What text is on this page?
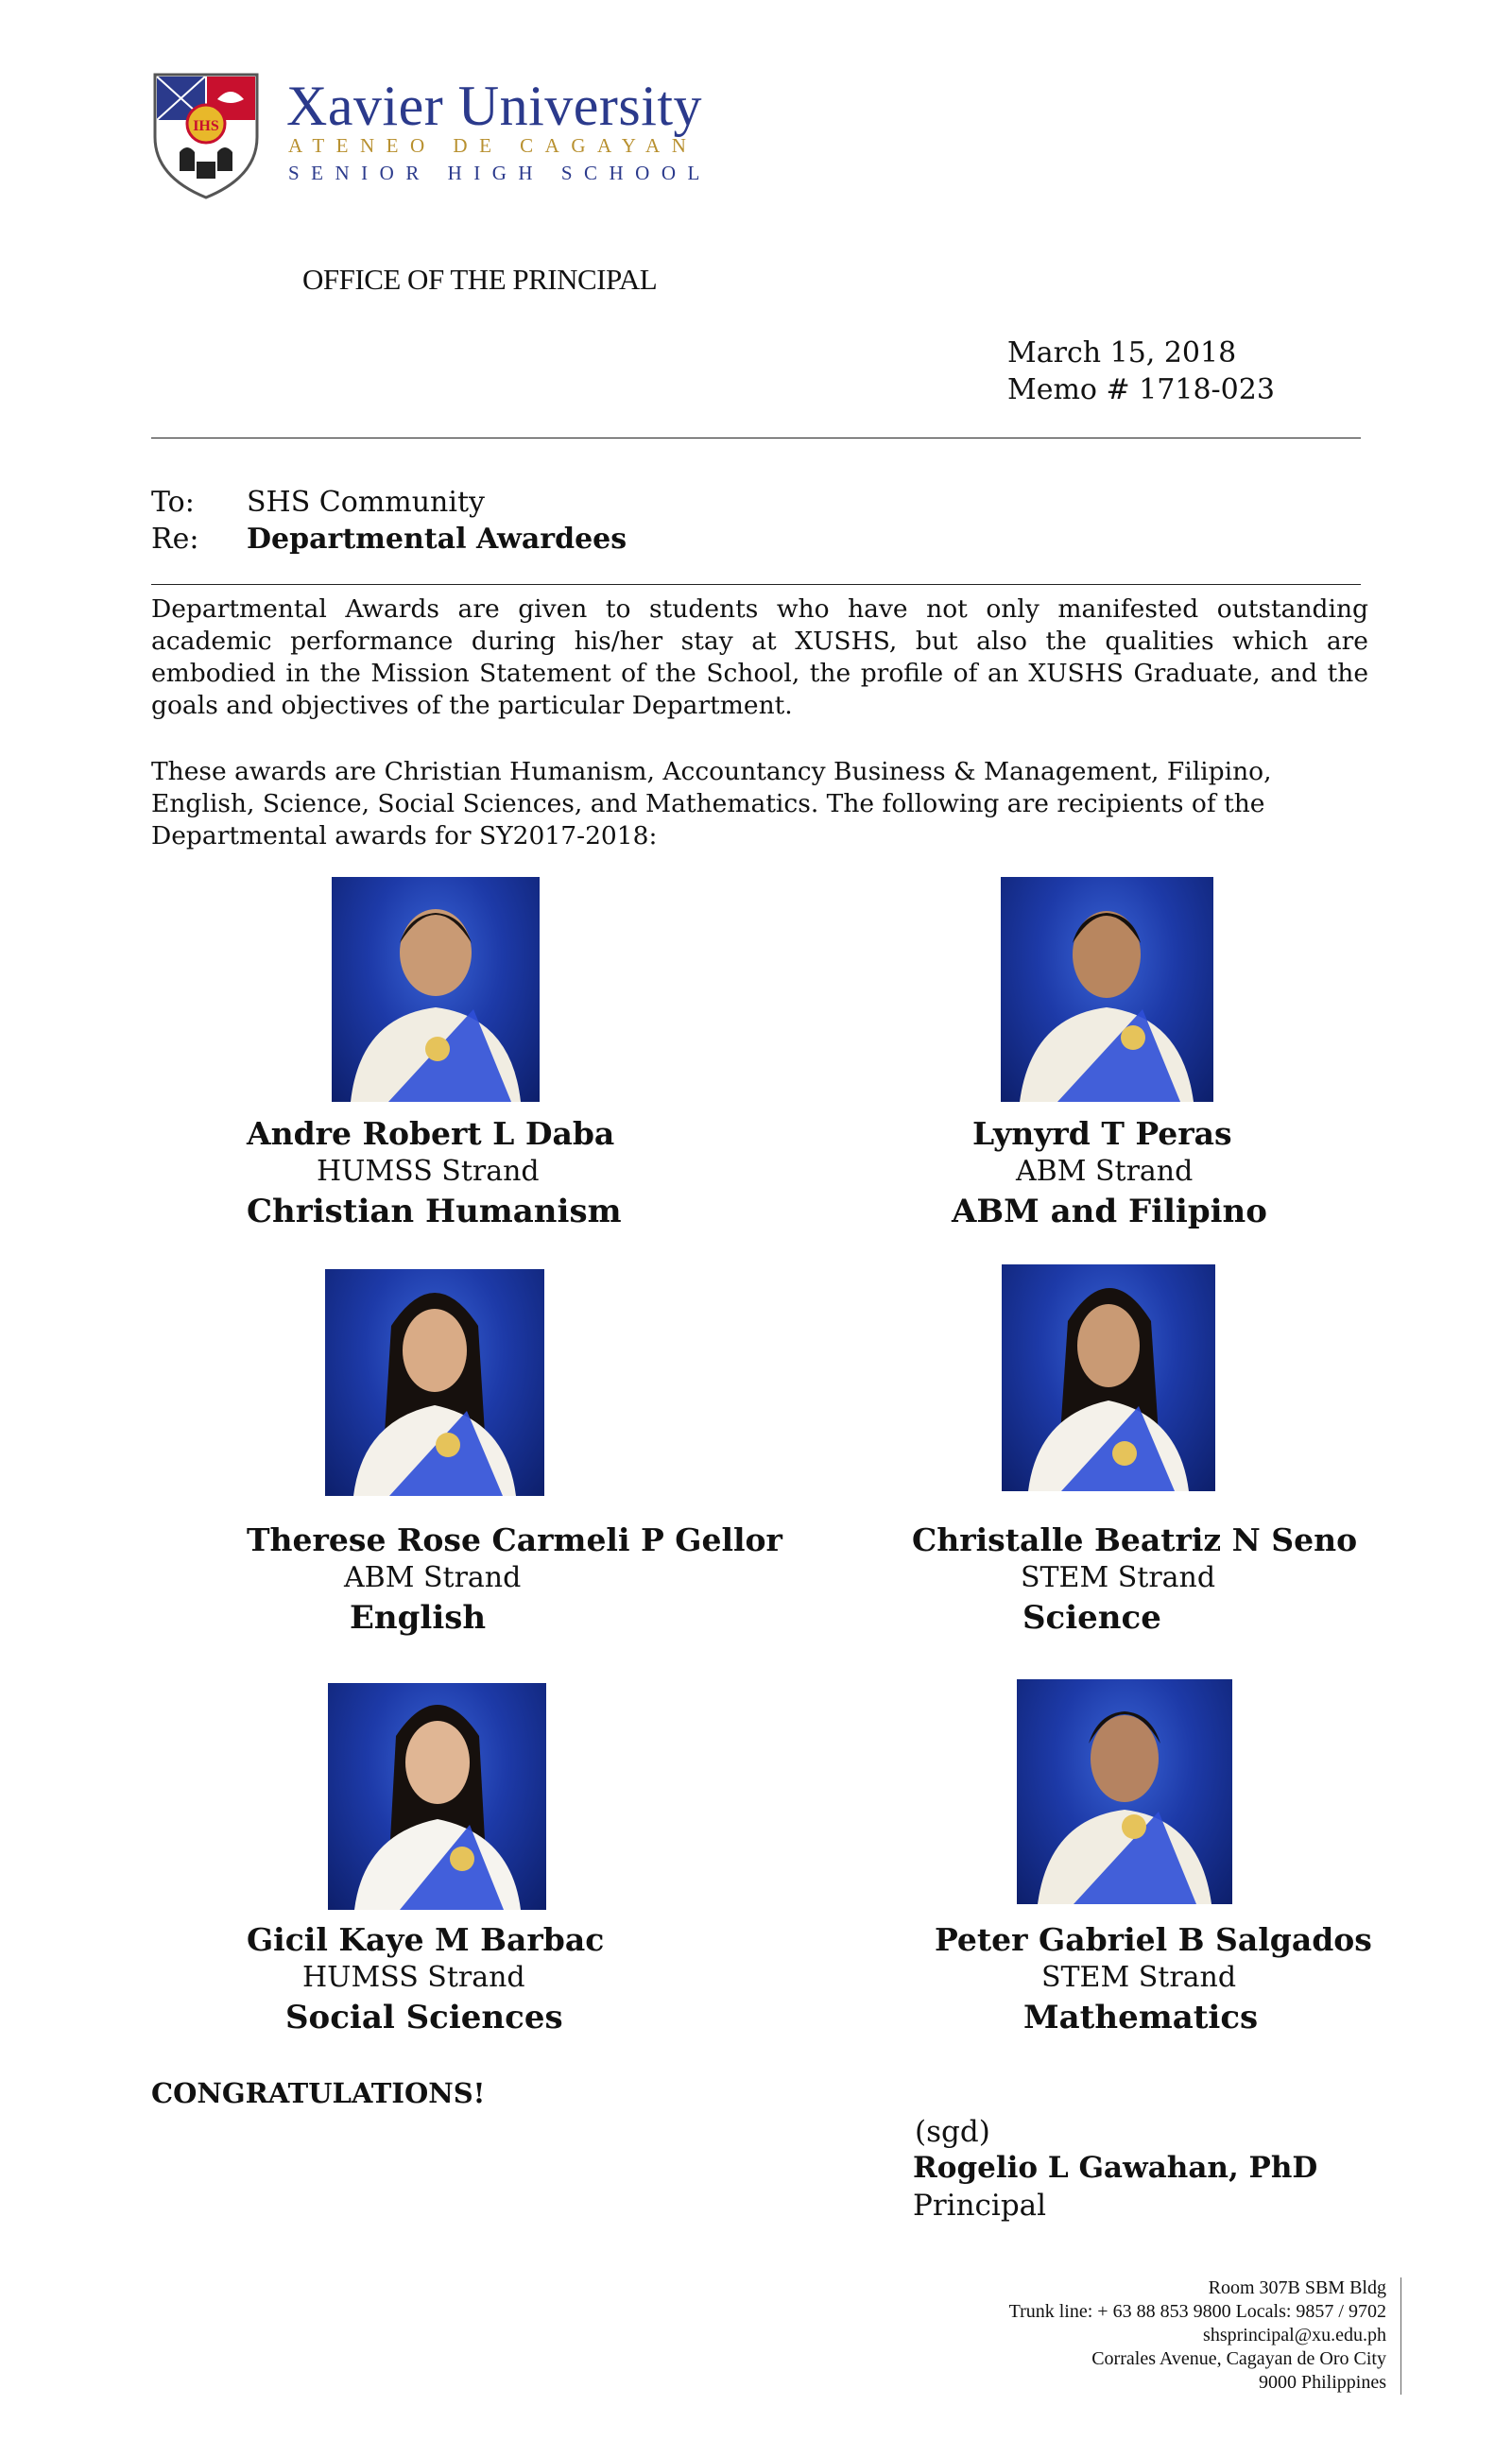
IHS Xavier University
ATENEO DE CAGAYAN
SENIOR HIGH SCHOOL
OFFICE OF THE PRINCIPAL
March 15, 2018
Memo # 1718-023
To: SHS Community
Re: Departmental Awardees
Departmental Awards are given to students who have not only manifested outstanding academic performance during his/her stay at XUSHS, but also the qualities which are embodied in the Mission Statement of the School, the profile of an XUSHS Graduate, and the goals and objectives of the particular Department.
These awards are Christian Humanism, Accountancy Business & Management, Filipino, English, Science, Social Sciences, and Mathematics. The following are recipients of the Departmental awards for SY2017-2018:
Andre Robert L Daba
HUMSS Strand
Christian Humanism
Lynyrd T Peras
ABM Strand
ABM and Filipino
Therese Rose Carmeli P Gellor
ABM Strand
English
Christalle Beatriz N Seno
STEM Strand
Science
Gicil Kaye M Barbac
HUMSS Strand
Social Sciences
Peter Gabriel B Salgados
STEM Strand
Mathematics
CONGRATULATIONS!
(sgd)
Rogelio L Gawahan, PhD
Principal
Room 307B SBM Bldg
Trunk line: + 63 88 853 9800 Locals: 9857 / 9702
shsprincipal@xu.edu.ph
Corrales Avenue, Cagayan de Oro City
9000 Philippines
